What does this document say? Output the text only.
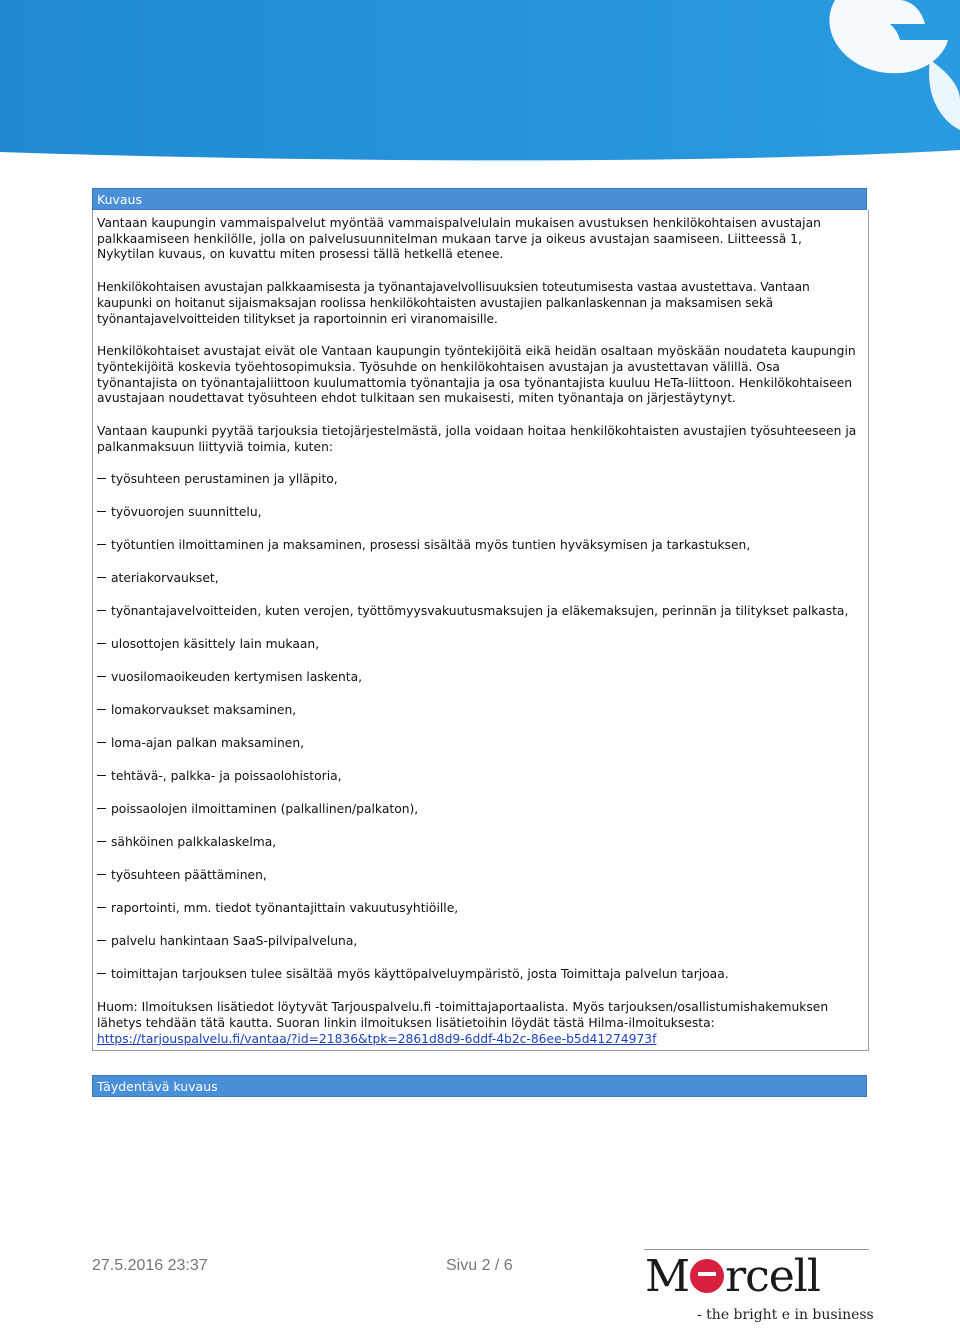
Kuvaus

Vantaan kaupungin vammaispalvelut myöntää vammaispalvelulain mukaisen avustuksen henkilökohtaisen avustajan palkkaamiseen henkilölle, jolla on palvelusuunnitelman mukaan tarve ja oikeus avustajan saamiseen. Liitteessä 1, Nykytilan kuvaus, on kuvattu miten prosessi tällä hetkellä etenee.

Henkilökohtaisen avustajan palkkaamisesta ja työnantajavelvollisuuksien toteutumisesta vastaa avustettava. Vantaan kaupunki on hoitanut sijaismaksajan roolissa henkilökohtaisten avustajien palkanlaskennan ja maksamisen sekä työnantajavelvoitteiden tilitykset ja raportoinnin eri viranomaisille.

Henkilökohtaiset avustajat eivät ole Vantaan kaupungin työntekijöitä eikä heidän osaltaan myöskään noudateta kaupungin työntekijöitä koskevia työehtosopimuksia. Työsuhde on henkilökohtaisen avustajan ja avustettavan välillä. Osa työnantajista on työnantajaliittoon kuulumattomia työnantajia ja osa työnantajista kuuluu HeTa-liittoon. Henkilökohtaiseen avustajaan noudettavat työsuhteen ehdot tulkitaan sen mukaisesti, miten työnantaja on järjestäytynyt.

Vantaan kaupunki pyytää tarjouksia tietojärjestelmästä, jolla voidaan hoitaa henkilökohtaisten avustajien työsuhteeseen ja palkanmaksuun liittyviä toimia, kuten:

työsuhteen perustaminen ja ylläpito,
työvuorojen suunnittelu,
työtuntien ilmoittaminen ja maksaminen, prosessi sisältää myös tuntien hyväksymisen ja tarkastuksen,
ateriakorvaukset,
työnantajavelvoitteiden, kuten verojen, työttömyysvakuutusmaksujen ja eläkemaksujen, perinnän ja tilitykset palkasta,
ulosottojen käsittely lain mukaan,
vuosilomaoikeuden kertymisen laskenta,
lomakorvaukset maksaminen,
loma-ajan palkan maksaminen,
tehtävä-, palkka- ja poissaolohistoria,
poissaolojen ilmoittaminen (palkallinen/palkaton),
sähköinen palkkalaskelma,
työsuhteen päättäminen,
raportointi, mm. tiedot työnantajittain vakuutusyhtiöille,
palvelu hankintaan SaaS-pilvipalveluna,
toimittajan tarjouksen tulee sisältää myös käyttöpalveluympäristö, josta Toimittaja palvelun tarjoaa.

Huom: Ilmoituksen lisätiedot löytyvät Tarjouspalvelu.fi -toimittajaportaalista. Myös tarjouksen/osallistumishakemuksen lähetys tehdään tätä kautta. Suoran linkin ilmoituksen lisätietoihin löydät tästä Hilma-ilmoituksesta:
https://tarjouspalvelu.fi/vantaa/?id=21836&tpk=2861d8d9-6ddf-4b2c-86ee-b5d41274973f

Täydentävä kuvaus
27.5.2016 23:37	Sivu 2 / 6	M rcell
- the bright e in business
